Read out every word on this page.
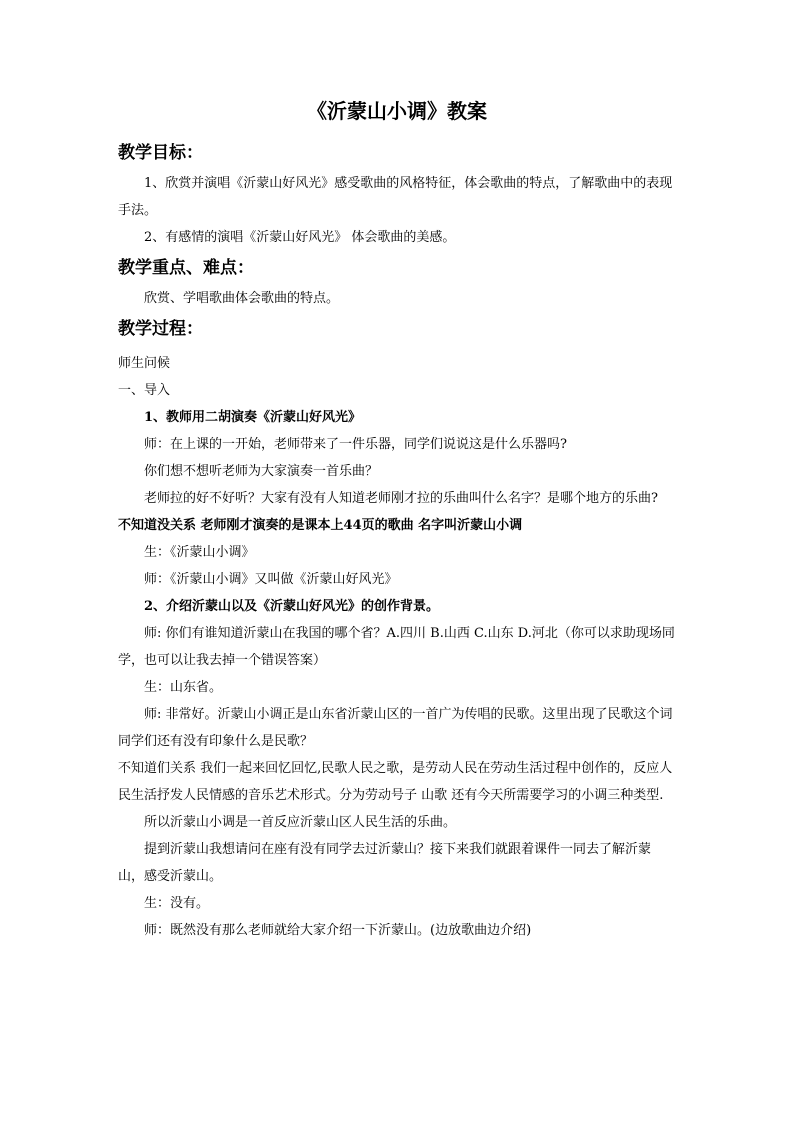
《沂蒙山小调》教案
教学目标：

1、欣赏并演唱《沂蒙山好风光》感受歌曲的风格特征，体会歌曲的特点，了解歌曲中的表现手法。

2、有感情的演唱《沂蒙山好风光》 体会歌曲的美感。

教学重点、难点：

欣赏、学唱歌曲体会歌曲的特点。

教学过程：

师生问候

一、导入

1、教师用二胡演奏《沂蒙山好风光》

师：在上课的一开始，老师带来了一件乐器，同学们说说这是什么乐器吗?

你们想不想听老师为大家演奏一首乐曲？

老师拉的好不好听？大家有没有人知道老师刚才拉的乐曲叫什么名字？是哪个地方的乐曲?

不知道没关系 老师刚才演奏的是课本上44页的歌曲 名字叫沂蒙山小调

生：《沂蒙山小调》

师：《沂蒙山小调》又叫做《沂蒙山好风光》

2、介绍沂蒙山以及《沂蒙山好风光》的创作背景。

师: 你们有谁知道沂蒙山在我国的哪个省？A.四川 B.山西 C.山东 D.河北（你可以求助现场同学，也可以让我去掉一个错误答案）

生：山东省。

师: 非常好。沂蒙山小调正是山东省沂蒙山区的一首广为传唱的民歌。这里出现了民歌这个词 同学们还有没有印象什么是民歌？

不知道们关系 我们一起来回忆回忆,民歌人民之歌，是劳动人民在劳动生活过程中创作的，反应人民生活抒发人民情感的音乐艺术形式。分为劳动号子 山歌 还有今天所需要学习的小调三种类型.

所以沂蒙山小调是一首反应沂蒙山区人民生活的乐曲。

提到沂蒙山我想请问在座有没有同学去过沂蒙山？接下来我们就跟着课件一同去了解沂蒙山，感受沂蒙山。

生：没有。

师：既然没有那么老师就给大家介绍一下沂蒙山。(边放歌曲边介绍)
